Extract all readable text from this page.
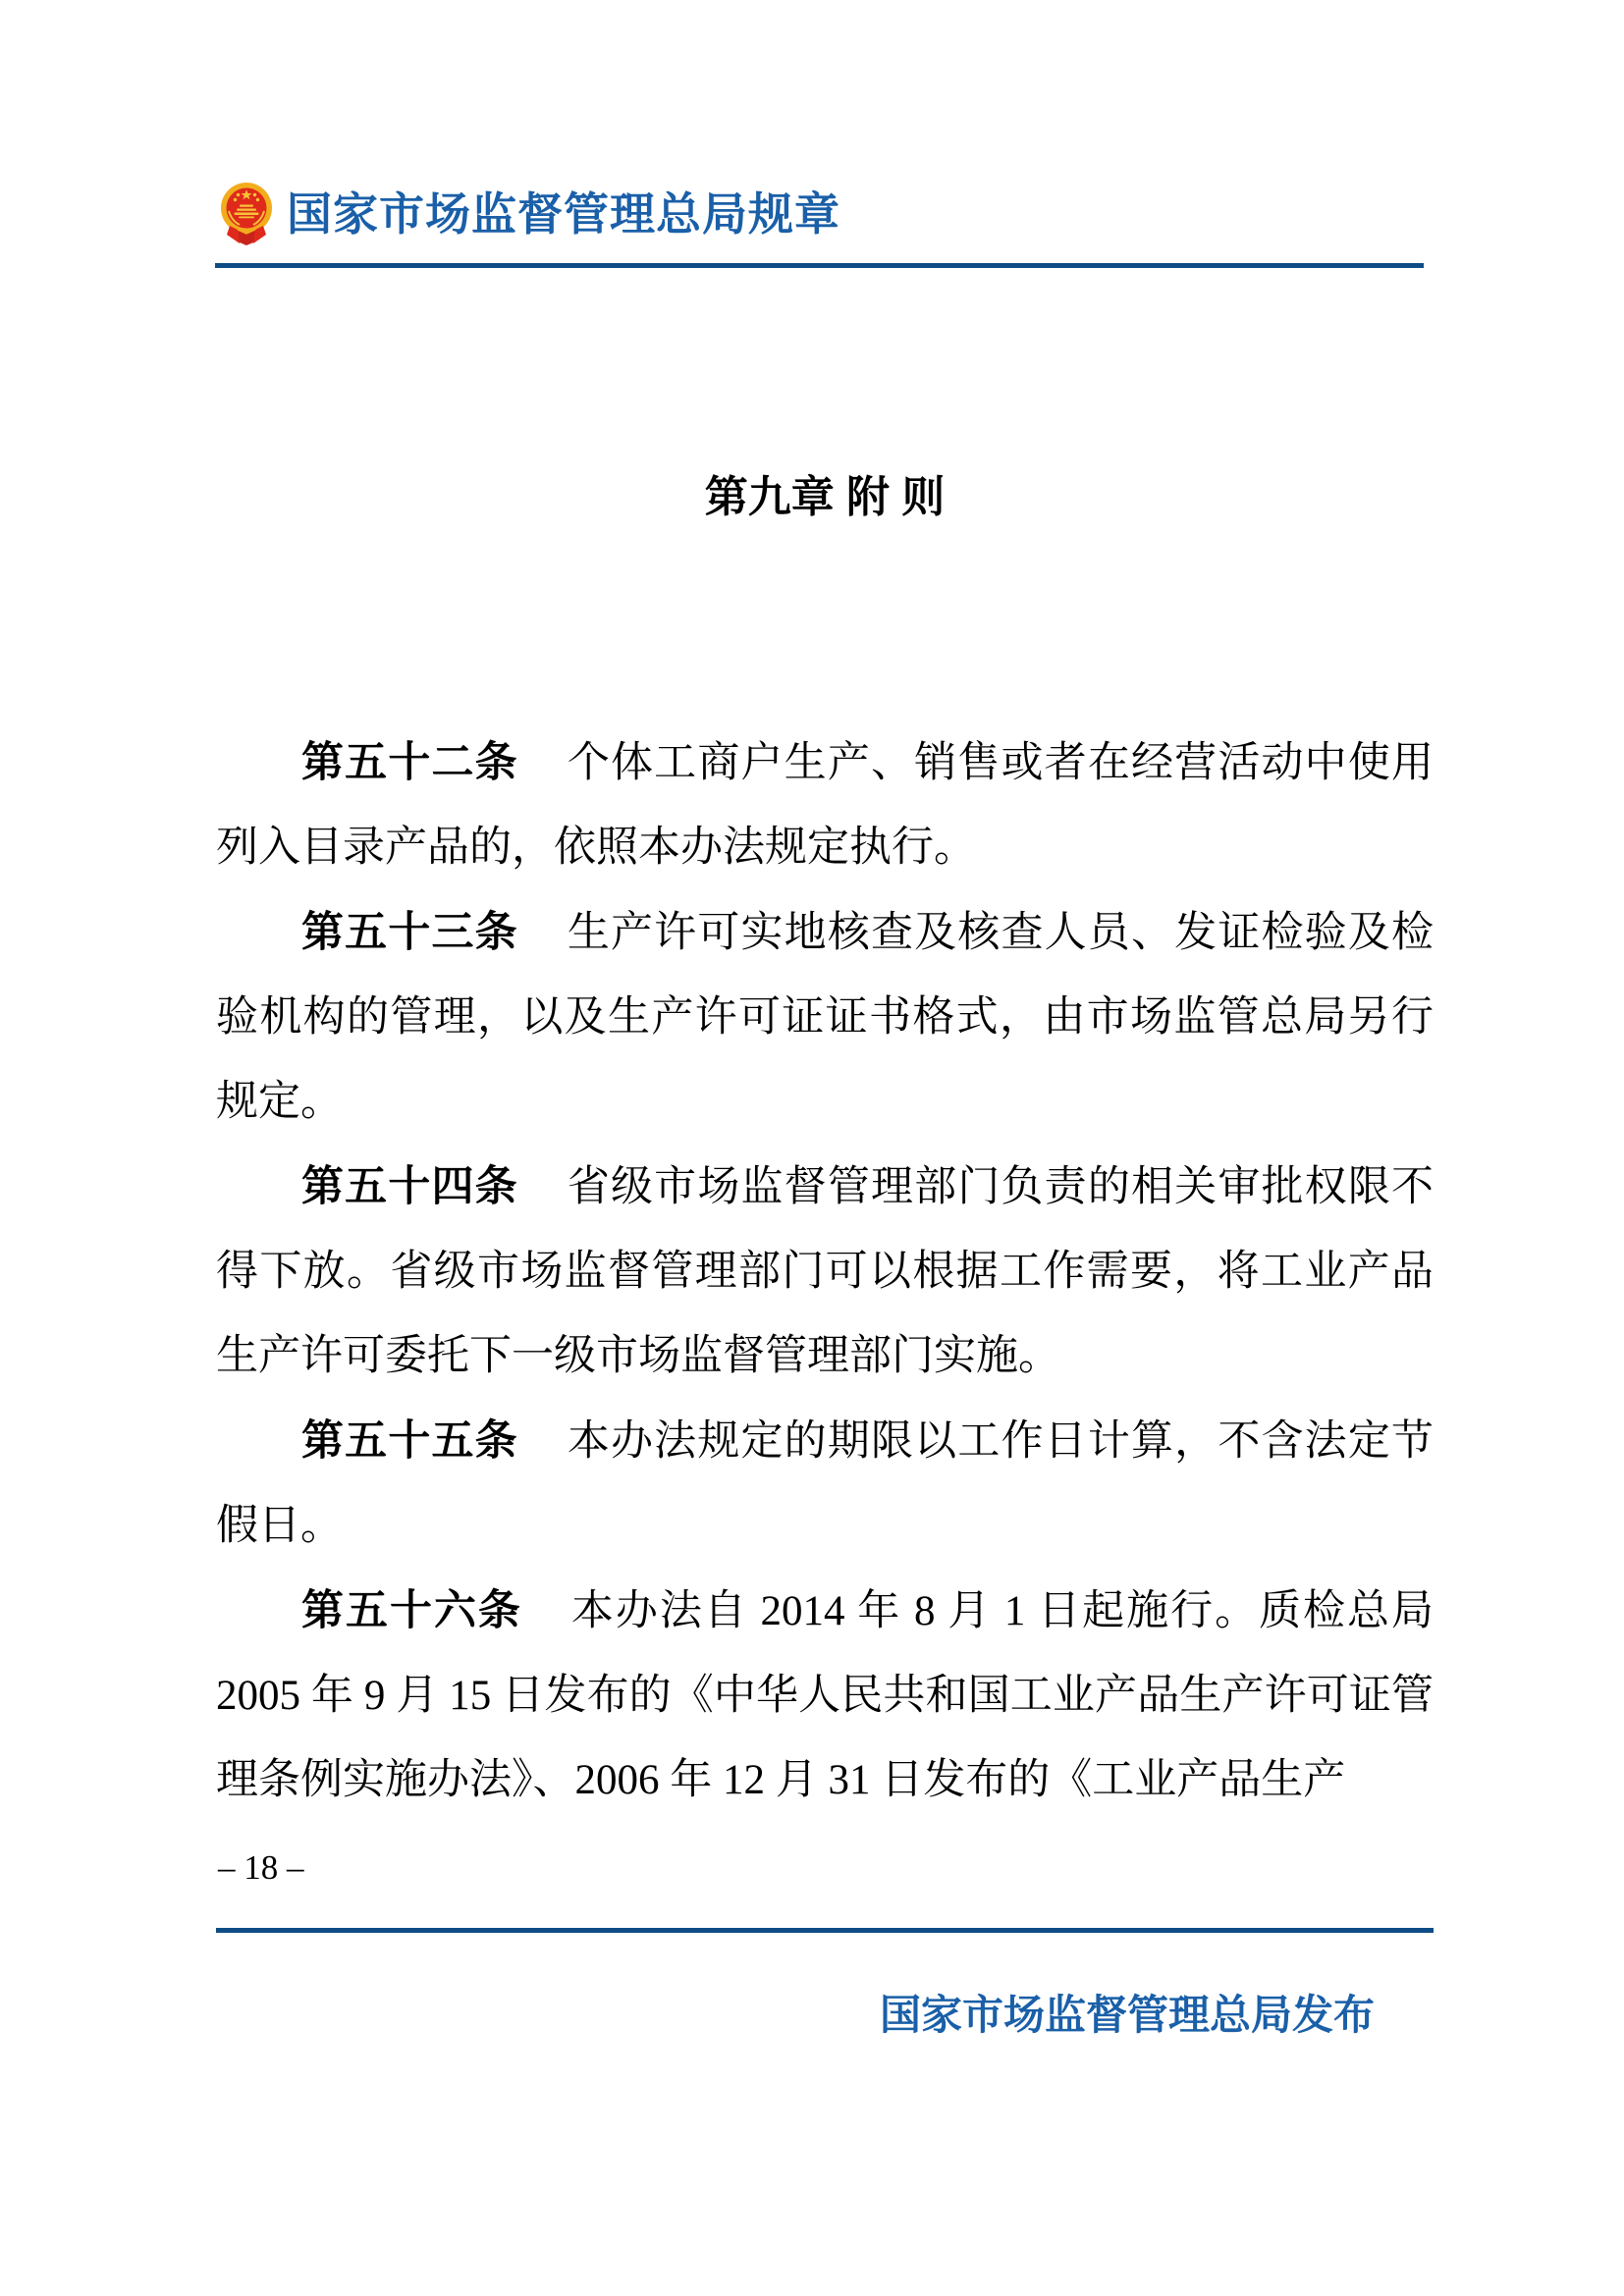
国家市场监督管理总局规章
第九章 附 则

第五十二条 个体工商户生产、销售或者在经营活动中使用列入目录产品的，依照本办法规定执行。

第五十三条 生产许可实地核查及核查人员、发证检验及检验机构的管理，以及生产许可证证书格式，由市场监管总局另行规定。

第五十四条 省级市场监督管理部门负责的相关审批权限不得下放。省级市场监督管理部门可以根据工作需要，将工业产品生产许可委托下一级市场监督管理部门实施。

第五十五条 本办法规定的期限以工作日计算，不含法定节假日。

第五十六条 本办法自 2014 年 8 月 1 日起施行。质检总局 2005 年 9 月 15 日发布的《中华人民共和国工业产品生产许可证管理条例实施办法》、2006 年 12 月 31 日发布的《工业产品生产

– 18 –
国家市场监督管理总局发布
